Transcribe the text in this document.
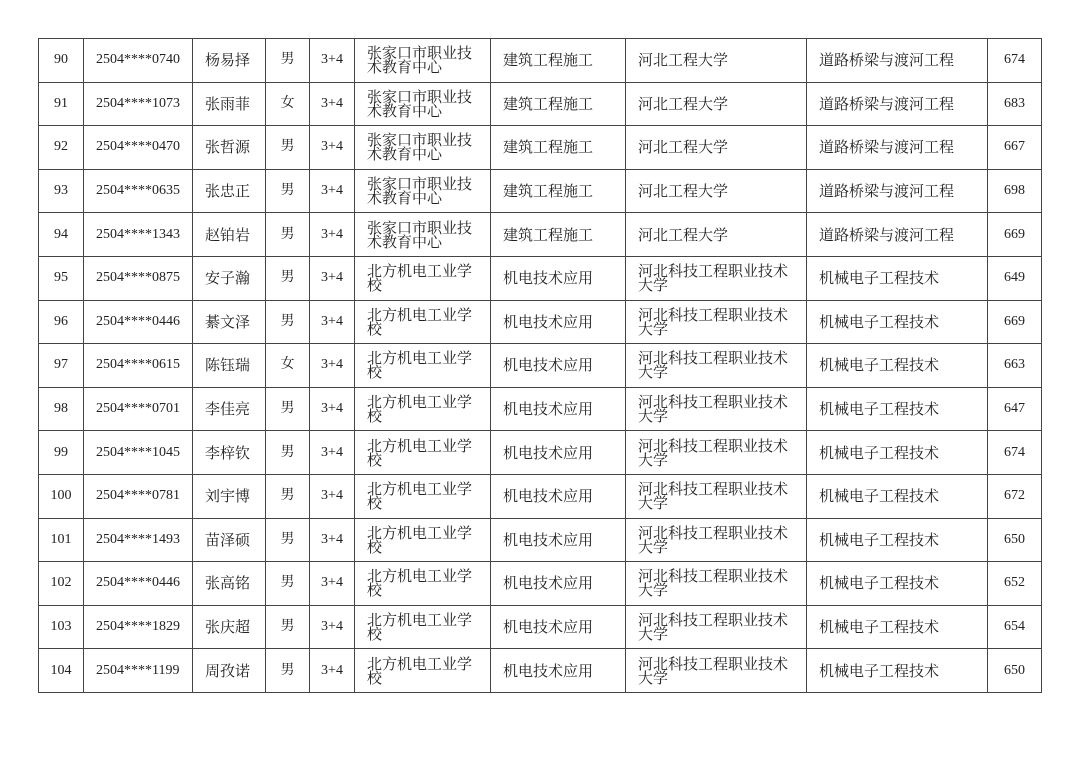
90	2504****0740	杨易择	男	3+4	张家口市职业技术教育中心	建筑工程施工	河北工程大学	道路桥梁与渡河工程	674
91	2504****1073	张雨菲	女	3+4	张家口市职业技术教育中心	建筑工程施工	河北工程大学	道路桥梁与渡河工程	683
92	2504****0470	张哲源	男	3+4	张家口市职业技术教育中心	建筑工程施工	河北工程大学	道路桥梁与渡河工程	667
93	2504****0635	张忠正	男	3+4	张家口市职业技术教育中心	建筑工程施工	河北工程大学	道路桥梁与渡河工程	698
94	2504****1343	赵铂岩	男	3+4	张家口市职业技术教育中心	建筑工程施工	河北工程大学	道路桥梁与渡河工程	669
95	2504****0875	安子瀚	男	3+4	北方机电工业学校	机电技术应用	河北科技工程职业技术大学	机械电子工程技术	649
96	2504****0446	綦文泽	男	3+4	北方机电工业学校	机电技术应用	河北科技工程职业技术大学	机械电子工程技术	669
97	2504****0615	陈钰瑞	女	3+4	北方机电工业学校	机电技术应用	河北科技工程职业技术大学	机械电子工程技术	663
98	2504****0701	李佳亮	男	3+4	北方机电工业学校	机电技术应用	河北科技工程职业技术大学	机械电子工程技术	647
99	2504****1045	李梓钦	男	3+4	北方机电工业学校	机电技术应用	河北科技工程职业技术大学	机械电子工程技术	674
100	2504****0781	刘宇博	男	3+4	北方机电工业学校	机电技术应用	河北科技工程职业技术大学	机械电子工程技术	672
101	2504****1493	苗泽硕	男	3+4	北方机电工业学校	机电技术应用	河北科技工程职业技术大学	机械电子工程技术	650
102	2504****0446	张高铭	男	3+4	北方机电工业学校	机电技术应用	河北科技工程职业技术大学	机械电子工程技术	652
103	2504****1829	张庆超	男	3+4	北方机电工业学校	机电技术应用	河北科技工程职业技术大学	机械电子工程技术	654
104	2504****1199	周孜诺	男	3+4	北方机电工业学校	机电技术应用	河北科技工程职业技术大学	机械电子工程技术	650
